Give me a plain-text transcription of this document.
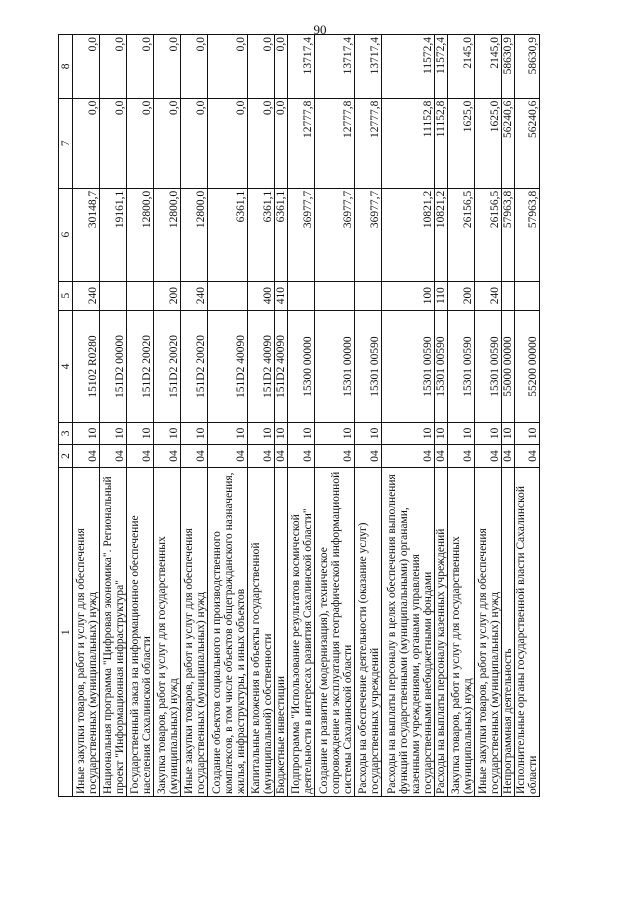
90
1	2	3	4	5	6	7	8
Иные закупки товаров, работ и услуг для обеспечения государственных (муниципальных) нужд	04	10	15102 R0280	240	30148,7	0,0	0,0
Национальная программа "Цифровая экономика". Региональный проект "Информационная инфраструктура"	04	10	151D2 00000		19161,1	0,0	0,0
Государственный заказ на информационное обеспечение населения Сахалинской области	04	10	151D2 20020		12800,0	0,0	0,0
Закупка товаров, работ и услуг для государственных (муниципальных) нужд	04	10	151D2 20020	200	12800,0	0,0	0,0
Иные закупки товаров, работ и услуг для обеспечения государственных (муниципальных) нужд	04	10	151D2 20020	240	12800,0	0,0	0,0
Создание объектов социального и производственного комплексов, в том числе объектов общегражданского назначения, жилья, инфраструктуры, и иных объектов	04	10	151D2 40090		6361,1	0,0	0,0
Капитальные вложения в объекты государственной (муниципальной) собственности	04	10	151D2 40090	400	6361,1	0,0	0,0
Бюджетные инвестиции	04	10	151D2 40090	410	6361,1	0,0	0,0
Подпрограмма "Использование результатов космической деятельности в интересах развития Сахалинской области"	04	10	15300 00000		36977,7	12777,8	13717,4
Создание и развитие (модернизация), техническое сопровождение и эксплуатация географической информационной системы Сахалинской области	04	10	15301 00000		36977,7	12777,8	13717,4
Расходы на обеспечение деятельности (оказание услуг) государственных учреждений	04	10	15301 00590		36977,7	12777,8	13717,4
Расходы на выплаты персоналу в целях обеспечения выполнения функций государственными (муниципальными) органами, казенными учреждениями, органами управления государственными внебюджетными фондами	04	10	15301 00590	100	10821,2	11152,8	11572,4
Расходы на выплаты персоналу казенных учреждений	04	10	15301 00590	110	10821,2	11152,8	11572,4
Закупка товаров, работ и услуг для государственных (муниципальных) нужд	04	10	15301 00590	200	26156,5	1625,0	2145,0
Иные закупки товаров, работ и услуг для обеспечения государственных (муниципальных) нужд	04	10	15301 00590	240	26156,5	1625,0	2145,0
Непрограммная деятельность	04	10	55000 00000		57963,8	56240,6	58630,9
Исполнительные органы государственной власти Сахалинской области	04	10	55200 00000		57963,8	56240,6	58630,9
